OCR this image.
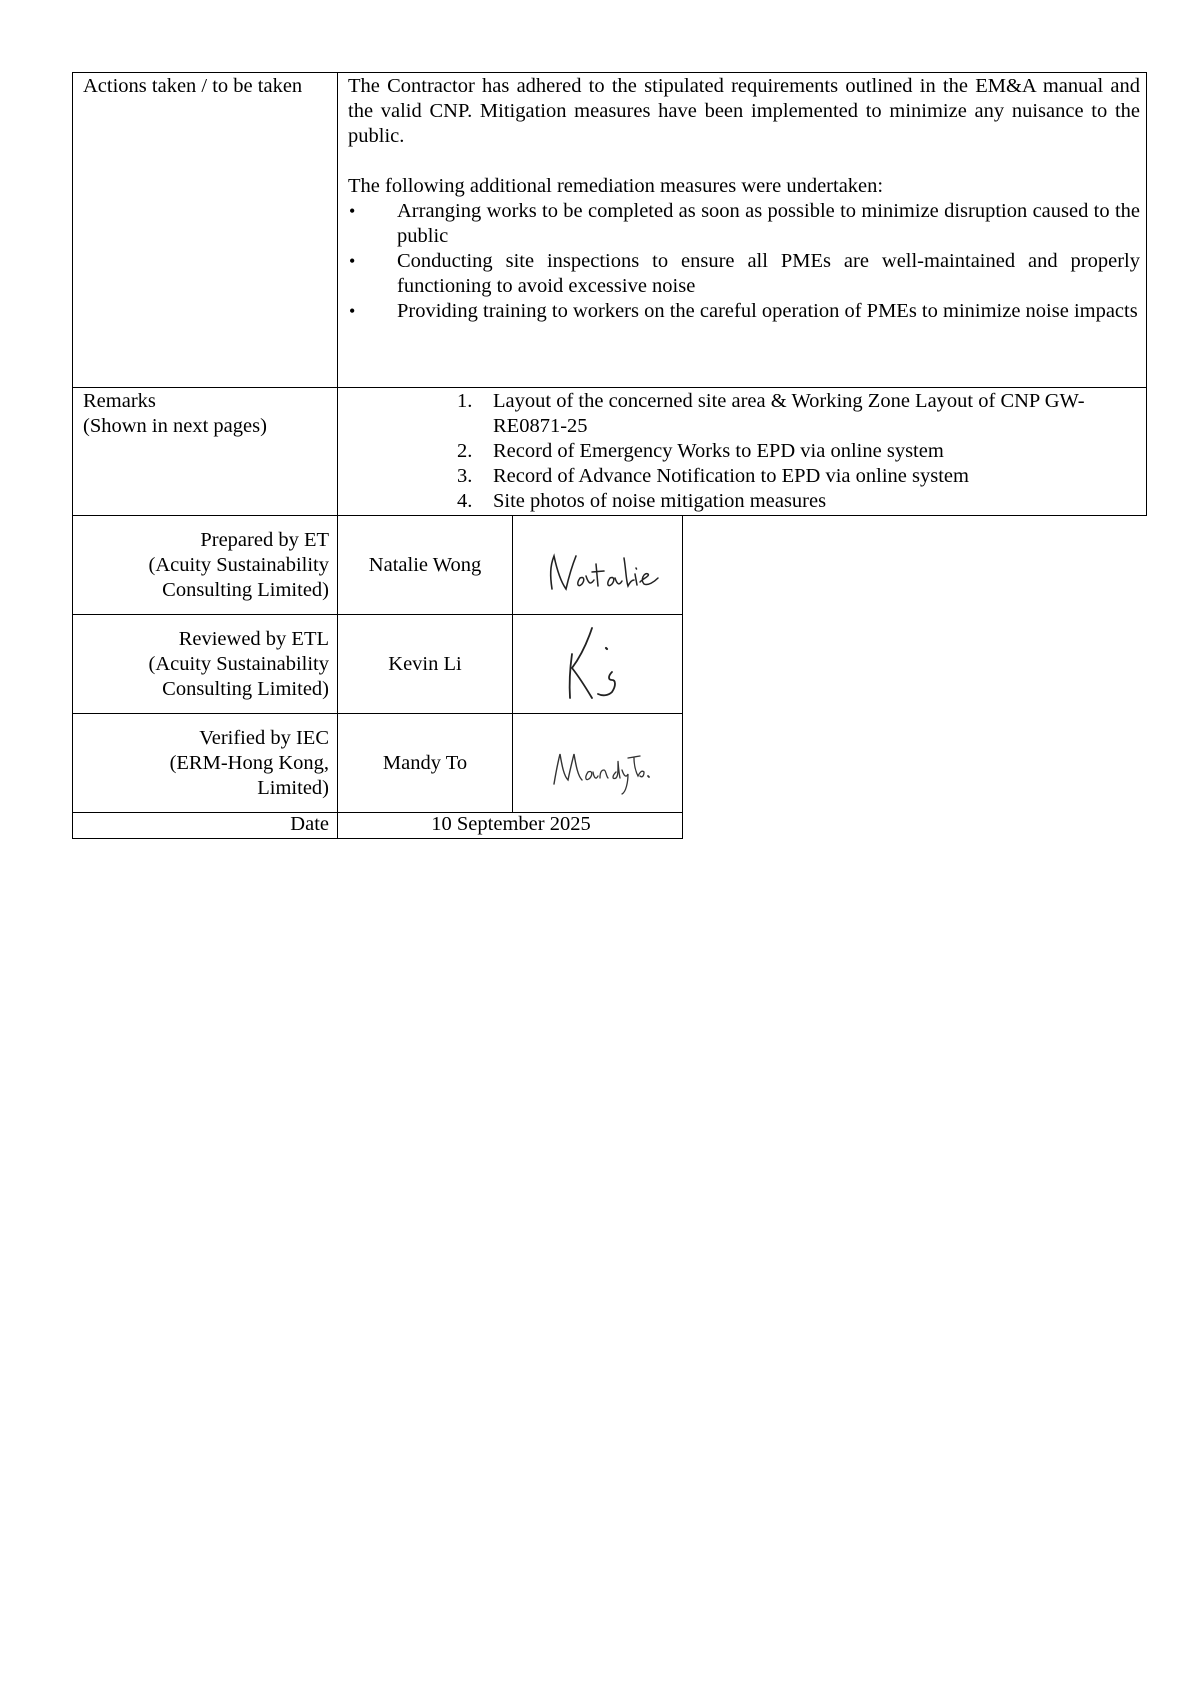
Actions taken / to be taken	The Contractor has adhered to the stipulated requirements outlined in the EM&A manual and the valid CNP. Mitigation measures have been implemented to minimize any nuisance to the public.

The following additional remediation measures were undertaken:

• Arranging works to be completed as soon as possible to minimize disruption caused to the public
• Conducting site inspections to ensure all PMEs are well-maintained and properly functioning to avoid excessive noise
• Providing training to workers on the careful operation of PMEs to minimize noise impacts
Remarks
(Shown in next pages)
1. Layout of the concerned site area & Working Zone Layout of CNP GW-RE0871-25
2. Record of Emergency Works to EPD via online system
3. Record of Advance Notification to EPD via online system
4. Site photos of noise mitigation measures
Prepared by ET
(Acuity Sustainability
Consulting Limited)
Natalie Wong
Reviewed by ETL
(Acuity Sustainability
Consulting Limited)
Kevin Li
Verified by IEC
(ERM-Hong Kong,
Limited)
Mandy To
Date	10 September 2025
